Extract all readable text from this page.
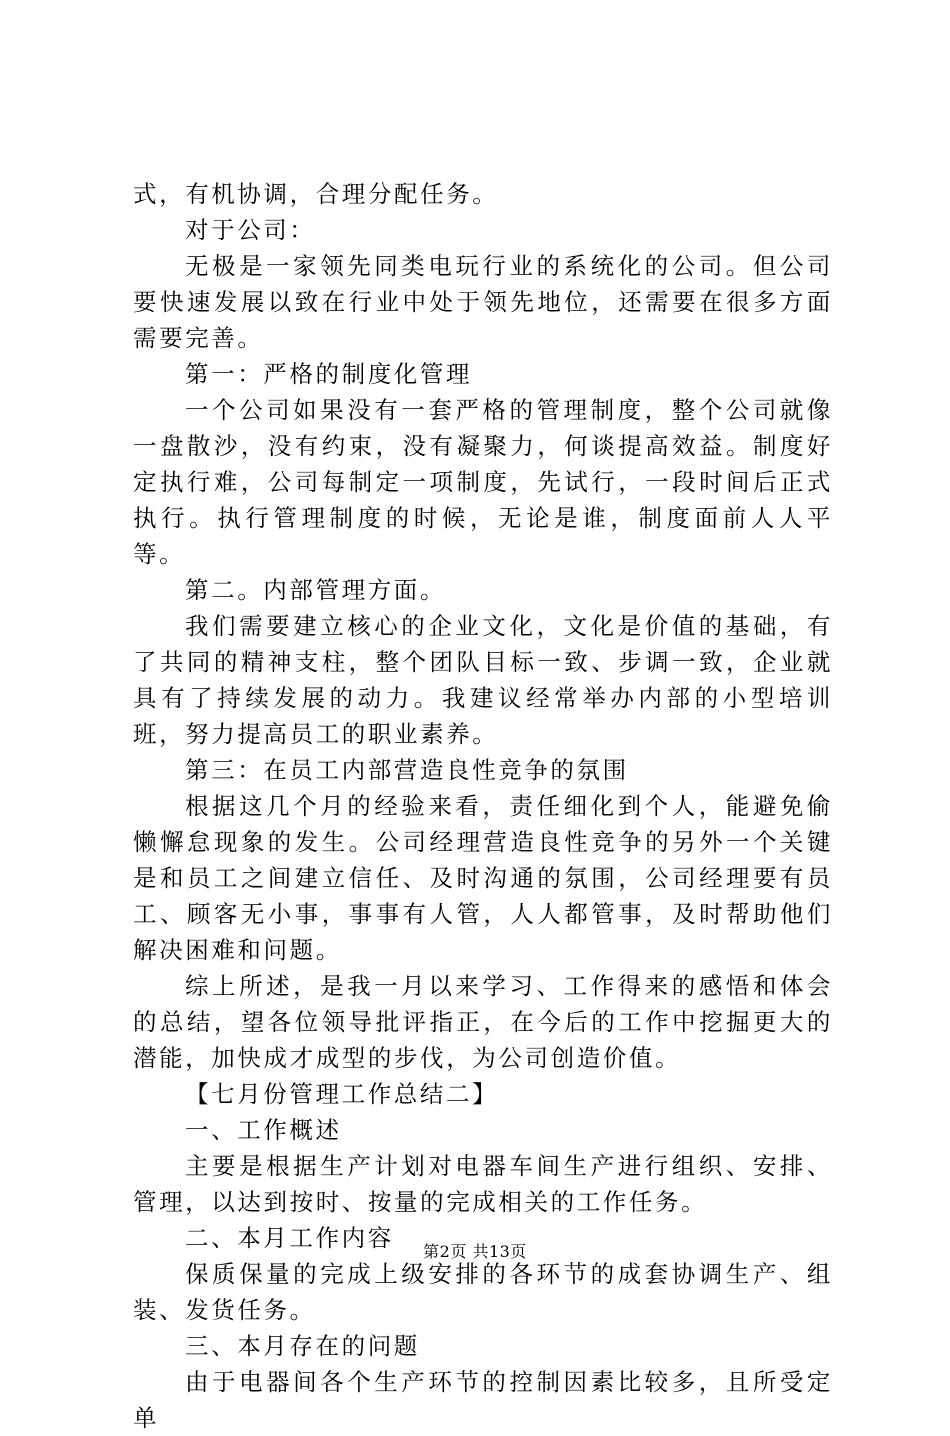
式，有机协调，合理分配任务。

对于公司：

无极是一家领先同类电玩行业的系统化的公司。但公司要快速发展以致在行业中处于领先地位，还需要在很多方面需要完善。

第一：严格的制度化管理

一个公司如果没有一套严格的管理制度，整个公司就像一盘散沙，没有约束，没有凝聚力，何谈提高效益。制度好定执行难，公司每制定一项制度，先试行，一段时间后正式执行。执行管理制度的时候，无论是谁，制度面前人人平等。

第二。内部管理方面。

我们需要建立核心的企业文化，文化是价值的基础，有了共同的精神支柱，整个团队目标一致、步调一致，企业就具有了持续发展的动力。我建议经常举办内部的小型培训班，努力提高员工的职业素养。

第三：在员工内部营造良性竞争的氛围

根据这几个月的经验来看，责任细化到个人，能避免偷懒懈怠现象的发生。公司经理营造良性竞争的另外一个关键是和员工之间建立信任、及时沟通的氛围，公司经理要有员工、顾客无小事，事事有人管，人人都管事，及时帮助他们解决困难和问题。

综上所述，是我一月以来学习、工作得来的感悟和体会的总结，望各位领导批评指正，在今后的工作中挖掘更大的潜能，加快成才成型的步伐，为公司创造价值。

【七月份管理工作总结二】

一、工作概述

主要是根据生产计划对电器车间生产进行组织、安排、管理，以达到按时、按量的完成相关的工作任务。

二、本月工作内容

保质保量的完成上级安排的各环节的成套协调生产、组装、发货任务。

三、本月存在的问题

由于电器间各个生产环节的控制因素比较多，且所受定单

第2页 共13页
